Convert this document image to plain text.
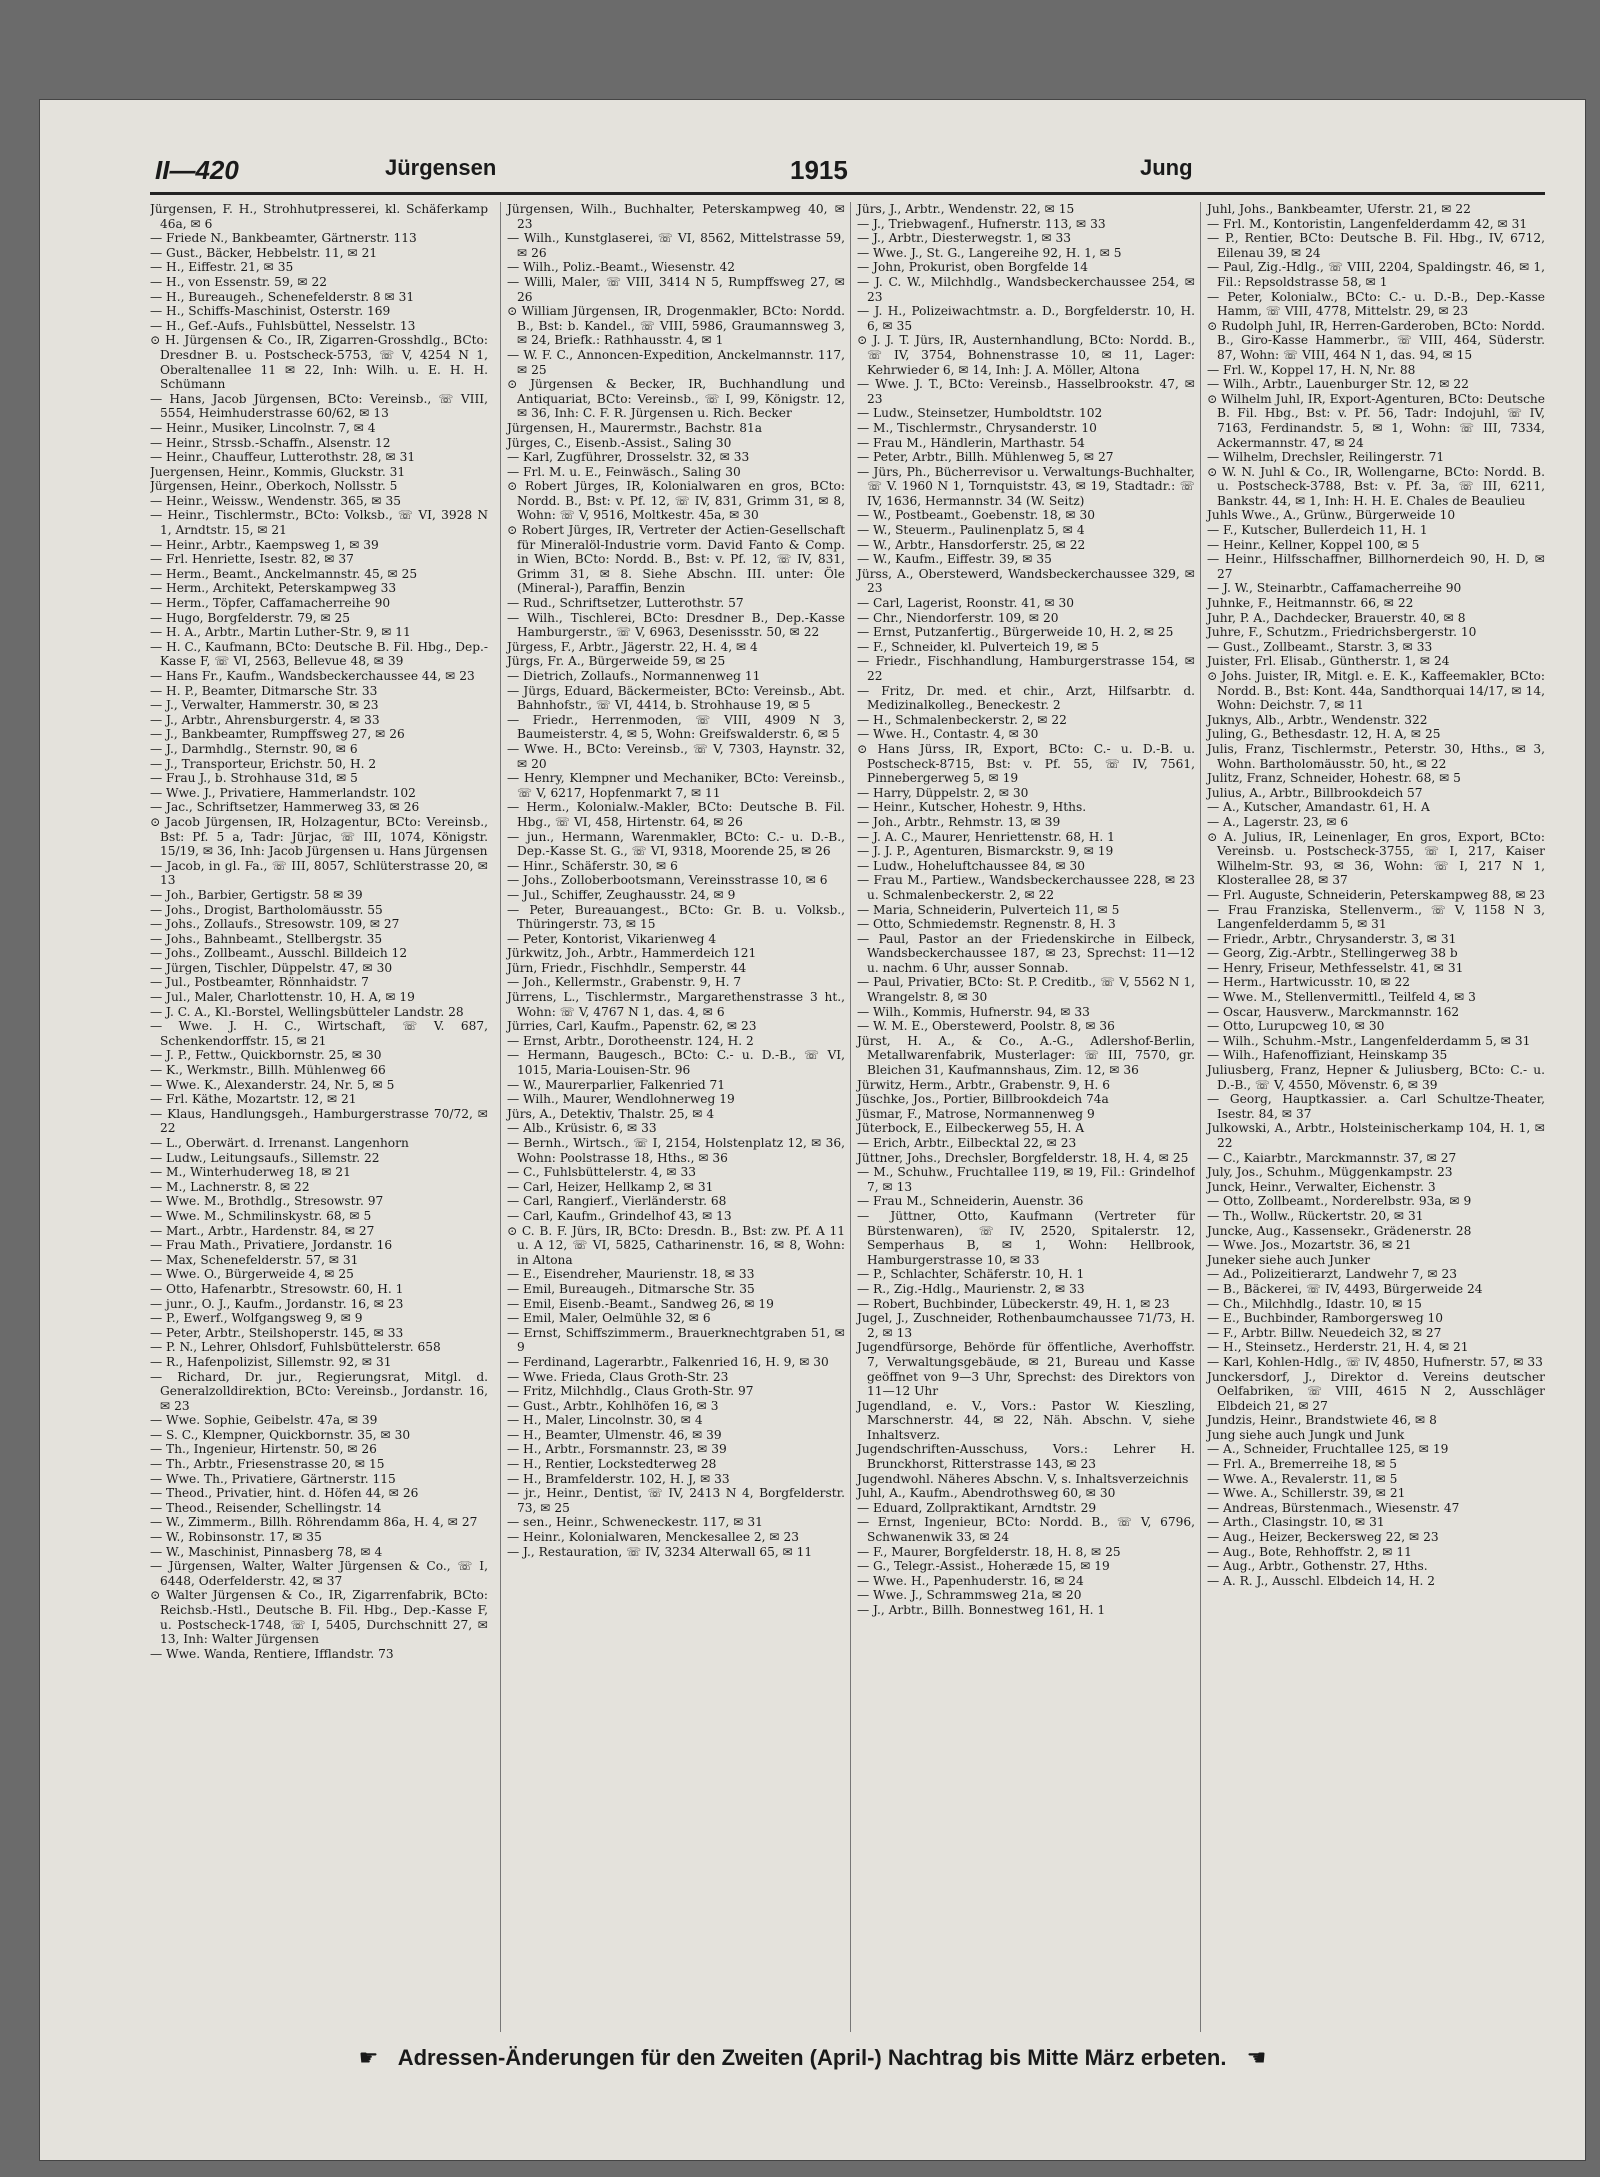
II—420	Jürgensen	1915	Jung
Jürgensen, F. H., Strohhutpresserei, kl. Schäferkamp 46a, ✉ 6
— Friede N., Bankbeamter, Gärtnerstr. 113
— Gust., Bäcker, Hebbelstr. 11, ✉ 21
— H., Eiffestr. 21, ✉ 35
— H., von Essenstr. 59, ✉ 22
— H., Bureaugeh., Schenefelderstr. 8 ✉ 31
— H., Schiffs-Maschinist, Osterstr. 169
— H., Gef.-Aufs., Fuhlsbüttel, Nesselstr. 13
⊙ H. Jürgensen & Co., IR, Zigarren-Grosshdlg., BCto: Dresdner B. u. Postscheck-5753, ☏ V, 4254 N 1, Oberaltenallee 11 ✉ 22, Inh: Wilh. u. E. H. H. Schümann
— Hans, Jacob Jürgensen, BCto: Vereinsb., ☏ VIII, 5554, Heimhuderstrasse 60/62, ✉ 13
— Heinr., Musiker, Lincolnstr. 7, ✉ 4
— Heinr., Strssb.-Schaffn., Alsenstr. 12
— Heinr., Chauffeur, Lutterothstr. 28, ✉ 31
Juergensen, Heinr., Kommis, Gluckstr. 31
Jürgensen, Heinr., Oberkoch, Nollsstr. 5
— Heinr., Weissw., Wendenstr. 365, ✉ 35
— Heinr., Tischlermstr., BCto: Volksb., ☏ VI, 3928 N 1, Arndtstr. 15, ✉ 21
— Heinr., Arbtr., Kaempsweg 1, ✉ 39
— Frl. Henriette, Isestr. 82, ✉ 37
— Herm., Beamt., Anckelmannstr. 45, ✉ 25
— Herm., Architekt, Peterskampweg 33
— Herm., Töpfer, Caffamacherreihe 90
— Hugo, Borgfelderstr. 79, ✉ 25
— H. A., Arbtr., Martin Luther-Str. 9, ✉ 11
— H. C., Kaufmann, BCto: Deutsche B. Fil. Hbg., Dep.-Kasse F, ☏ VI, 2563, Bellevue 48, ✉ 39
— Hans Fr., Kaufm., Wandsbeckerchaussee 44, ✉ 23
— H. P., Beamter, Ditmarsche Str. 33
— J., Verwalter, Hammerstr. 30, ✉ 23
— J., Arbtr., Ahrensburgerstr. 4, ✉ 33
— J., Bankbeamter, Rumpffsweg 27, ✉ 26
— J., Darmhdlg., Sternstr. 90, ✉ 6
— J., Transporteur, Erichstr. 50, H. 2
— Frau J., b. Strohhause 31d, ✉ 5
— Wwe. J., Privatiere, Hammerlandstr. 102
— Jac., Schriftsetzer, Hammerweg 33, ✉ 26
⊙ Jacob Jürgensen, IR, Holzagentur, BCto: Vereinsb., Bst: Pf. 5 a, Tadr: Jürjac, ☏ III, 1074, Königstr. 15/19, ✉ 36, Inh: Jacob Jürgensen u. Hans Jürgensen
— Jacob, in gl. Fa., ☏ III, 8057, Schlüterstrasse 20, ✉ 13
— Joh., Barbier, Gertigstr. 58 ✉ 39
— Johs., Drogist, Bartholomäusstr. 55
— Johs., Zollaufs., Stresowstr. 109, ✉ 27
— Johs., Bahnbeamt., Stellbergstr. 35
— Johs., Zollbeamt., Ausschl. Billdeich 12
— Jürgen, Tischler, Düppelstr. 47, ✉ 30
— Jul., Postbeamter, Rönnhaidstr. 7
— Jul., Maler, Charlottenstr. 10, H. A, ✉ 19
— J. C. A., Kl.-Borstel, Wellingsbütteler Landstr. 28
— Wwe. J. H. C., Wirtschaft, ☏ V. 687, Schenkendorffstr. 15, ✉ 21
— J. P., Fettw., Quickbornstr. 25, ✉ 30
— K., Werkmstr., Billh. Mühlenweg 66
— Wwe. K., Alexanderstr. 24, Nr. 5, ✉ 5
— Frl. Käthe, Mozartstr. 12, ✉ 21
— Klaus, Handlungsgeh., Hamburgerstrasse 70/72, ✉ 22
— L., Oberwärt. d. Irrenanst. Langenhorn
— Ludw., Leitungsaufs., Sillemstr. 22
— M., Winterhuderweg 18, ✉ 21
— M., Lachnerstr. 8, ✉ 22
— Wwe. M., Brothdlg., Stresowstr. 97
— Wwe. M., Schmilinskystr. 68, ✉ 5
— Mart., Arbtr., Hardenstr. 84, ✉ 27
— Frau Math., Privatiere, Jordanstr. 16
— Max, Schenefelderstr. 57, ✉ 31
— Wwe. O., Bürgerweide 4, ✉ 25
— Otto, Hafenarbtr., Stresowstr. 60, H. 1
— junr., O. J., Kaufm., Jordanstr. 16, ✉ 23
— P., Ewerf., Wolfgangsweg 9, ✉ 9
— Peter, Arbtr., Steilshoperstr. 145, ✉ 33
— P. N., Lehrer, Ohlsdorf, Fuhlsbüttelerstr. 658
— R., Hafenpolizist, Sillemstr. 92, ✉ 31
— Richard, Dr. jur., Regierungsrat, Mitgl. d. Generalzolldirektion, BCto: Vereinsb., Jordanstr. 16, ✉ 23
— Wwe. Sophie, Geibelstr. 47a, ✉ 39
— S. C., Klempner, Quickbornstr. 35, ✉ 30
— Th., Ingenieur, Hirtenstr. 50, ✉ 26
— Th., Arbtr., Friesenstrasse 20, ✉ 15
— Wwe. Th., Privatiere, Gärtnerstr. 115
— Theod., Privatier, hint. d. Höfen 44, ✉ 26
— Theod., Reisender, Schellingstr. 14
— W., Zimmerm., Billh. Röhrendamm 86a, H. 4, ✉ 27
— W., Robinsonstr. 17, ✉ 35
— W., Maschinist, Pinnasberg 78, ✉ 4
— Jürgensen, Walter, Walter Jürgensen & Co., ☏ I, 6448, Oderfelderstr. 42, ✉ 37
⊙ Walter Jürgensen & Co., IR, Zigarrenfabrik, BCto: Reichsb.-Hstl., Deutsche B. Fil. Hbg., Dep.-Kasse F, u. Postscheck-1748, ☏ I, 5405, Durchschnitt 27, ✉ 13, Inh: Walter Jürgensen
— Wwe. Wanda, Rentiere, Ifflandstr. 73
Jürgensen, Wilh., Buchhalter, Peterskampweg 40, ✉ 23
— Wilh., Kunstglaserei, ☏ VI, 8562, Mittelstrasse 59, ✉ 26
— Wilh., Poliz.-Beamt., Wiesenstr. 42
— Willi, Maler, ☏ VIII, 3414 N 5, Rumpffsweg 27, ✉ 26
⊙ William Jürgensen, IR, Drogenmakler, BCto: Nordd. B., Bst: b. Kandel., ☏ VIII, 5986, Graumannsweg 3, ✉ 24, Briefk.: Rathhausstr. 4, ✉ 1
— W. F. C., Annoncen-Expedition, Anckelmannstr. 117, ✉ 25
⊙ Jürgensen & Becker, IR, Buchhandlung und Antiquariat, BCto: Vereinsb., ☏ I, 99, Königstr. 12, ✉ 36, Inh: C. F. R. Jürgensen u. Rich. Becker
Jürgensen, H., Maurermstr., Bachstr. 81a
Jürges, C., Eisenb.-Assist., Saling 30
— Karl, Zugführer, Drosselstr. 32, ✉ 33
— Frl. M. u. E., Feinwäsch., Saling 30
⊙ Robert Jürges, IR, Kolonialwaren en gros, BCto: Nordd. B., Bst: v. Pf. 12, ☏ IV, 831, Grimm 31, ✉ 8, Wohn: ☏ V, 9516, Moltkestr. 45a, ✉ 30
⊙ Robert Jürges, IR, Vertreter der Actien-Gesellschaft für Mineralöl-Industrie vorm. David Fanto & Comp. in Wien, BCto: Nordd. B., Bst: v. Pf. 12, ☏ IV, 831, Grimm 31, ✉ 8. Siehe Abschn. III. unter: Öle (Mineral-), Paraffin, Benzin
— Rud., Schriftsetzer, Lutterothstr. 57
— Wilh., Tischlerei, BCto: Dresdner B., Dep.-Kasse Hamburgerstr., ☏ V, 6963, Desenissstr. 50, ✉ 22
Jürgess, F., Arbtr., Jägerstr. 22, H. 4, ✉ 4
Jürgs, Fr. A., Bürgerweide 59, ✉ 25
— Dietrich, Zollaufs., Normannenweg 11
— Jürgs, Eduard, Bäckermeister, BCto: Vereinsb., Abt. Bahnhofstr., ☏ VI, 4414, b. Strohhause 19, ✉ 5
— Friedr., Herrenmoden, ☏ VIII, 4909 N 3, Baumeisterstr. 4, ✉ 5, Wohn: Greifswalderstr. 6, ✉ 5
— Wwe. H., BCto: Vereinsb., ☏ V, 7303, Haynstr. 32, ✉ 20
— Henry, Klempner und Mechaniker, BCto: Vereinsb., ☏ V, 6217, Hopfenmarkt 7, ✉ 11
— Herm., Kolonialw.-Makler, BCto: Deutsche B. Fil. Hbg., ☏ VI, 458, Hirtenstr. 64, ✉ 26
— jun., Hermann, Warenmakler, BCto: C.- u. D.-B., Dep.-Kasse St. G., ☏ VI, 9318, Moorende 25, ✉ 26
— Hinr., Schäferstr. 30, ✉ 6
— Johs., Zolloberbootsmann, Vereinsstrasse 10, ✉ 6
— Jul., Schiffer, Zeughausstr. 24, ✉ 9
— Peter, Bureauangest., BCto: Gr. B. u. Volksb., Thüringerstr. 73, ✉ 15
— Peter, Kontorist, Vikarienweg 4
Jürkwitz, Joh., Arbtr., Hammerdeich 121
Jürn, Friedr., Fischhdlr., Semperstr. 44
— Joh., Kellermstr., Grabenstr. 9, H. 7
Jürrens, L., Tischlermstr., Margarethenstrasse 3 ht., Wohn: ☏ V, 4767 N 1, das. 4, ✉ 6
Jürries, Carl, Kaufm., Papenstr. 62, ✉ 23
— Ernst, Arbtr., Dorotheenstr. 124, H. 2
— Hermann, Baugesch., BCto: C.- u. D.-B., ☏ VI, 1015, Maria-Louisen-Str. 96
— W., Maurerparlier, Falkenried 71
— Wilh., Maurer, Wendlohnerweg 19
Jürs, A., Detektiv, Thalstr. 25, ✉ 4
— Alb., Krüsistr. 6, ✉ 33
— Bernh., Wirtsch., ☏ I, 2154, Holstenplatz 12, ✉ 36, Wohn: Poolstrasse 18, Hths., ✉ 36
— C., Fuhlsbüttelerstr. 4, ✉ 33
— Carl, Heizer, Hellkamp 2, ✉ 31
— Carl, Rangierf., Vierländerstr. 68
— Carl, Kaufm., Grindelhof 43, ✉ 13
⊙ C. B. F. Jürs, IR, BCto: Dresdn. B., Bst: zw. Pf. A 11 u. A 12, ☏ VI, 5825, Catharinenstr. 16, ✉ 8, Wohn: in Altona
— E., Eisendreher, Maurienstr. 18, ✉ 33
— Emil, Bureaugeh., Ditmarsche Str. 35
— Emil, Eisenb.-Beamt., Sandweg 26, ✉ 19
— Emil, Maler, Oelmühle 32, ✉ 6
— Ernst, Schiffszimmerm., Brauerknechtgraben 51, ✉ 9
— Ferdinand, Lagerarbtr., Falkenried 16, H. 9, ✉ 30
— Wwe. Frieda, Claus Groth-Str. 23
— Fritz, Milchhdlg., Claus Groth-Str. 97
— Gust., Arbtr., Kohlhöfen 16, ✉ 3
— H., Maler, Lincolnstr. 30, ✉ 4
— H., Beamter, Ulmenstr. 46, ✉ 39
— H., Arbtr., Forsmannstr. 23, ✉ 39
— H., Rentier, Lockstedterweg 28
— H., Bramfelderstr. 102, H. J, ✉ 33
— jr., Heinr., Dentist, ☏ IV, 2413 N 4, Borgfelderstr. 73, ✉ 25
— sen., Heinr., Schweneckestr. 117, ✉ 31
— Heinr., Kolonialwaren, Menckesallee 2, ✉ 23
— J., Restauration, ☏ IV, 3234 Alterwall 65, ✉ 11
Jürs, J., Arbtr., Wendenstr. 22, ✉ 15
— J., Triebwagenf., Hufnerstr. 113, ✉ 33
— J., Arbtr., Diesterwegstr. 1, ✉ 33
— Wwe. J., St. G., Langereihe 92, H. 1, ✉ 5
— John, Prokurist, oben Borgfelde 14
— J. C. W., Milchhdlg., Wandsbeckerchaussee 254, ✉ 23
— J. H., Polizeiwachtmstr. a. D., Borgfelderstr. 10, H. 6, ✉ 35
⊙ J. J. T. Jürs, IR, Austernhandlung, BCto: Nordd. B., ☏ IV, 3754, Bohnenstrasse 10, ✉ 11, Lager: Kehrwieder 6, ✉ 14, Inh: J. A. Möller, Altona
— Wwe. J. T., BCto: Vereinsb., Hasselbrookstr. 47, ✉ 23
— Ludw., Steinsetzer, Humboldtstr. 102
— M., Tischlermstr., Chrysanderstr. 10
— Frau M., Händlerin, Marthastr. 54
— Peter, Arbtr., Billh. Mühlenweg 5, ✉ 27
— Jürs, Ph., Bücherrevisor u. Verwaltungs-Buchhalter, ☏ V. 1960 N 1, Tornquiststr. 43, ✉ 19, Stadtadr.: ☏ IV, 1636, Hermannstr. 34 (W. Seitz)
— W., Postbeamt., Goebenstr. 18, ✉ 30
— W., Steuerm., Paulinenplatz 5, ✉ 4
— W., Arbtr., Hansdorferstr. 25, ✉ 22
— W., Kaufm., Eiffestr. 39, ✉ 35
Jürss, A., Oberstewerd, Wandsbeckerchaussee 329, ✉ 23
— Carl, Lagerist, Roonstr. 41, ✉ 30
— Chr., Niendorferstr. 109, ✉ 20
— Ernst, Putzanfertig., Bürgerweide 10, H. 2, ✉ 25
— F., Schneider, kl. Pulverteich 19, ✉ 5
— Friedr., Fischhandlung, Hamburgerstrasse 154, ✉ 22
— Fritz, Dr. med. et chir., Arzt, Hilfsarbtr. d. Medizinalkolleg., Beneckestr. 2
— H., Schmalenbeckerstr. 2, ✉ 22
— Wwe. H., Contastr. 4, ✉ 30
⊙ Hans Jürss, IR, Export, BCto: C.- u. D.-B. u. Postscheck-8715, Bst: v. Pf. 55, ☏ IV, 7561, Pinnebergerweg 5, ✉ 19
— Harry, Düppelstr. 2, ✉ 30
— Heinr., Kutscher, Hohestr. 9, Hths.
— Joh., Arbtr., Rehmstr. 13, ✉ 39
— J. A. C., Maurer, Henriettenstr. 68, H. 1
— J. J. P., Agenturen, Bismarckstr. 9, ✉ 19
— Ludw., Hoheluftchaussee 84, ✉ 30
— Frau M., Partiew., Wandsbeckerchaussee 228, ✉ 23 u. Schmalenbeckerstr. 2, ✉ 22
— Maria, Schneiderin, Pulverteich 11, ✉ 5
— Otto, Schmiedemstr. Regnenstr. 8, H. 3
— Paul, Pastor an der Friedenskirche in Eilbeck, Wandsbeckerchaussee 187, ✉ 23, Sprechst: 11—12 u. nachm. 6 Uhr, ausser Sonnab.
— Paul, Privatier, BCto: St. P. Creditb., ☏ V, 5562 N 1, Wrangelstr. 8, ✉ 30
— Wilh., Kommis, Hufnerstr. 94, ✉ 33
— W. M. E., Oberstewerd, Poolstr. 8, ✉ 36
Jürst, H. A., & Co., A.-G., Adlershof-Berlin, Metallwarenfabrik, Musterlager: ☏ III, 7570, gr. Bleichen 31, Kaufmannshaus, Zim. 12, ✉ 36
Jürwitz, Herm., Arbtr., Grabenstr. 9, H. 6
Jüschke, Jos., Portier, Billbrookdeich 74a
Jüsmar, F., Matrose, Normannenweg 9
Jüterbock, E., Eilbeckerweg 55, H. A
— Erich, Arbtr., Eilbecktal 22, ✉ 23
Jüttner, Johs., Drechsler, Borgfelderstr. 18, H. 4, ✉ 25
— M., Schuhw., Fruchtallee 119, ✉ 19, Fil.: Grindelhof 7, ✉ 13
— Frau M., Schneiderin, Auenstr. 36
— Jüttner, Otto, Kaufmann (Vertreter für Bürstenwaren), ☏ IV, 2520, Spitalerstr. 12, Semperhaus B, ✉ 1, Wohn: Hellbrook, Hamburgerstrasse 10, ✉ 33
— P., Schlachter, Schäferstr. 10, H. 1
— R., Zig.-Hdlg., Maurienstr. 2, ✉ 33
— Robert, Buchbinder, Lübeckerstr. 49, H. 1, ✉ 23
Jugel, J., Zuschneider, Rothenbaumchaussee 71/73, H. 2, ✉ 13
Jugendfürsorge, Behörde für öffentliche, Averhoffstr. 7, Verwaltungsgebäude, ✉ 21, Bureau und Kasse geöffnet von 9—3 Uhr, Sprechst: des Direktors von 11—12 Uhr
Jugendland, e. V., Vors.: Pastor W. Kieszling, Marschnerstr. 44, ✉ 22, Näh. Abschn. V, siehe Inhaltsverz.
Jugendschriften-Ausschuss, Vors.: Lehrer H. Brunckhorst, Ritterstrasse 143, ✉ 23
Jugendwohl. Näheres Abschn. V, s. Inhaltsverzeichnis
Juhl, A., Kaufm., Abendrothsweg 60, ✉ 30
— Eduard, Zollpraktikant, Arndtstr. 29
— Ernst, Ingenieur, BCto: Nordd. B., ☏ V, 6796, Schwanenwik 33, ✉ 24
— F., Maurer, Borgfelderstr. 18, H. 8, ✉ 25
— G., Telegr.-Assist., Hoheræde 15, ✉ 19
— Wwe. H., Papenhuderstr. 16, ✉ 24
— Wwe. J., Schrammsweg 21a, ✉ 20
— J., Arbtr., Billh. Bonnestweg 161, H. 1
Juhl, Johs., Bankbeamter, Uferstr. 21, ✉ 22
— Frl. M., Kontoristin, Langenfelderdamm 42, ✉ 31
— P., Rentier, BCto: Deutsche B. Fil. Hbg., IV, 6712, Eilenau 39, ✉ 24
— Paul, Zig.-Hdlg., ☏ VIII, 2204, Spaldingstr. 46, ✉ 1, Fil.: Repsoldstrasse 58, ✉ 1
— Peter, Kolonialw., BCto: C.- u. D.-B., Dep.-Kasse Hamm, ☏ VIII, 4778, Mittelstr. 29, ✉ 23
⊙ Rudolph Juhl, IR, Herren-Garderoben, BCto: Nordd. B., Giro-Kasse Hammerbr., ☏ VIII, 464, Süderstr. 87, Wohn: ☏ VIII, 464 N 1, das. 94, ✉ 15
— Frl. W., Koppel 17, H. N, Nr. 88
— Wilh., Arbtr., Lauenburger Str. 12, ✉ 22
⊙ Wilhelm Juhl, IR, Export-Agenturen, BCto: Deutsche B. Fil. Hbg., Bst: v. Pf. 56, Tadr: Indojuhl, ☏ IV, 7163, Ferdinandstr. 5, ✉ 1, Wohn: ☏ III, 7334, Ackermannstr. 47, ✉ 24
— Wilhelm, Drechsler, Reilingerstr. 71
⊙ W. N. Juhl & Co., IR, Wollengarne, BCto: Nordd. B. u. Postscheck-3788, Bst: v. Pf. 3a, ☏ III, 6211, Bankstr. 44, ✉ 1, Inh: H. H. E. Chales de Beaulieu
Juhls Wwe., A., Grünw., Bürgerweide 10
— F., Kutscher, Bullerdeich 11, H. 1
— Heinr., Kellner, Koppel 100, ✉ 5
— Heinr., Hilfsschaffner, Billhornerdeich 90, H. D, ✉ 27
— J. W., Steinarbtr., Caffamacherreihe 90
Juhnke, F., Heitmannstr. 66, ✉ 22
Juhr, P. A., Dachdecker, Brauerstr. 40, ✉ 8
Juhre, F., Schutzm., Friedrichsbergerstr. 10
— Gust., Zollbeamt., Starstr. 3, ✉ 33
Juister, Frl. Elisab., Güntherstr. 1, ✉ 24
⊙ Johs. Juister, IR, Mitgl. e. E. K., Kaffeemakler, BCto: Nordd. B., Bst: Kont. 44a, Sandthorquai 14/17, ✉ 14, Wohn: Deichstr. 7, ✉ 11
Juknys, Alb., Arbtr., Wendenstr. 322
Juling, G., Bethesdastr. 12, H. A, ✉ 25
Julis, Franz, Tischlermstr., Peterstr. 30, Hths., ✉ 3, Wohn. Bartholomäusstr. 50, ht., ✉ 22
Julitz, Franz, Schneider, Hohestr. 68, ✉ 5
Julius, A., Arbtr., Billbrookdeich 57
— A., Kutscher, Amandastr. 61, H. A
— A., Lagerstr. 23, ✉ 6
⊙ A. Julius, IR, Leinenlager, En gros, Export, BCto: Vereinsb. u. Postscheck-3755, ☏ I, 217, Kaiser Wilhelm-Str. 93, ✉ 36, Wohn: ☏ I, 217 N 1, Klosterallee 28, ✉ 37
— Frl. Auguste, Schneiderin, Peterskampweg 88, ✉ 23
— Frau Franziska, Stellenverm., ☏ V, 1158 N 3, Langenfelderdamm 5, ✉ 31
— Friedr., Arbtr., Chrysanderstr. 3, ✉ 31
— Georg, Zig.-Arbtr., Stellingerweg 38 b
— Henry, Friseur, Methfesselstr. 41, ✉ 31
— Herm., Hartwicusstr. 10, ✉ 22
— Wwe. M., Stellenvermittl., Teilfeld 4, ✉ 3
— Oscar, Hausverw., Marckmannstr. 162
— Otto, Lurupcweg 10, ✉ 30
— Wilh., Schuhm.-Mstr., Langenfelderdamm 5, ✉ 31
— Wilh., Hafenoffiziant, Heinskamp 35
Juliusberg, Franz, Hepner & Juliusberg, BCto: C.- u. D.-B., ☏ V, 4550, Mövenstr. 6, ✉ 39
— Georg, Hauptkassier. a. Carl Schultze-Theater, Isestr. 84, ✉ 37
Julkowski, A., Arbtr., Holsteinischerkamp 104, H. 1, ✉ 22
— C., Kaiarbtr., Marckmannstr. 37, ✉ 27
July, Jos., Schuhm., Müggenkampstr. 23
Junck, Heinr., Verwalter, Eichenstr. 3
— Otto, Zollbeamt., Norderelbstr. 93a, ✉ 9
— Th., Wollw., Rückertstr. 20, ✉ 31
Juncke, Aug., Kassensekr., Grädenerstr. 28
— Wwe. Jos., Mozartstr. 36, ✉ 21
Juneker siehe auch Junker
— Ad., Polizeitierarzt, Landwehr 7, ✉ 23
— B., Bäckerei, ☏ IV, 4493, Bürgerweide 24
— Ch., Milchhdlg., Idastr. 10, ✉ 15
— E., Buchbinder, Ramborgersweg 10
— F., Arbtr. Billw. Neuedeich 32, ✉ 27
— H., Steinsetz., Herderstr. 21, H. 4, ✉ 21
— Karl, Kohlen-Hdlg., ☏ IV, 4850, Hufnerstr. 57, ✉ 33
Junckersdorf, J., Direktor d. Vereins deutscher Oelfabriken, ☏ VIII, 4615 N 2, Ausschläger Elbdeich 21, ✉ 27
Jundzis, Heinr., Brandstwiete 46, ✉ 8
Jung siehe auch Jungk und Junk
— A., Schneider, Fruchtallee 125, ✉ 19
— Frl. A., Bremerreihe 18, ✉ 5
— Wwe. A., Revalerstr. 11, ✉ 5
— Wwe. A., Schillerstr. 39, ✉ 21
— Andreas, Bürstenmach., Wiesenstr. 47
— Arth., Clasingstr. 10, ✉ 31
— Aug., Heizer, Beckersweg 22, ✉ 23
— Aug., Bote, Rehhoffstr. 2, ✉ 11
— Aug., Arbtr., Gothenstr. 27, Hths.
— A. R. J., Ausschl. Elbdeich 14, H. 2
☛ Adressen-Änderungen für den Zweiten (April-) Nachtrag bis Mitte März erbeten. ☚
